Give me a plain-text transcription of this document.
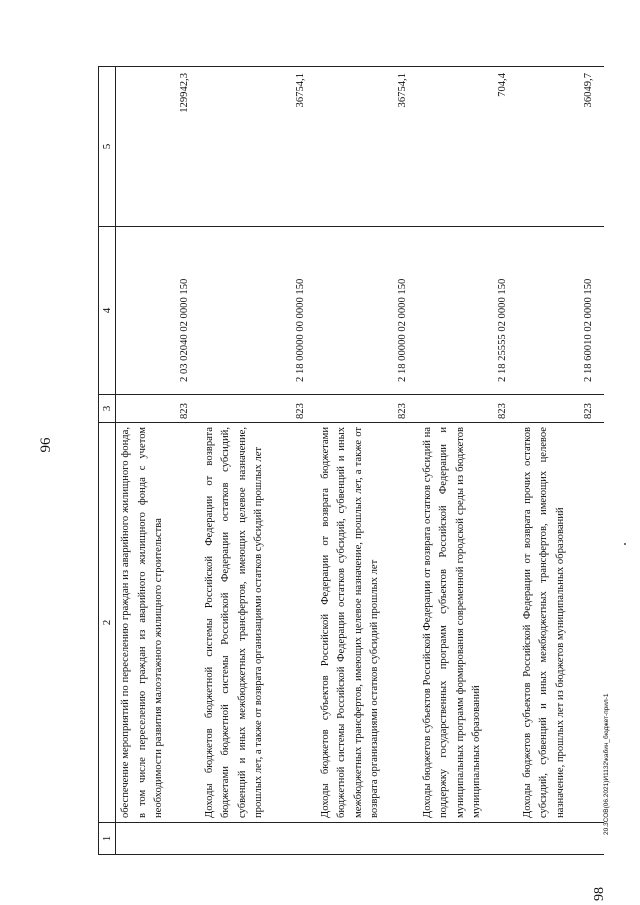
96
1	2	3	4	5
	обеспечение мероприятий по переселению граждан из аварийного жилищного фонда, в том числе переселению граждан из аварийного жилищного фонда с учетом необходимости развития малоэтажного жилищного строительства	823	2 03 02040 02 0000 150	129942,3
	Доходы бюджетов бюджетной системы Российской Федерации от возврата бюджетами бюджетной системы Российской Федерации остатков субсидий, субвенций и иных межбюджетных трансфертов, имеющих целевое назначение, прошлых лет, а также от возврата организациями остатков субсидий прошлых лет	823	2 18 00000 00 0000 150	36754,1
	Доходы бюджетов субъектов Российской Федерации от возврата бюджетами бюджетной системы Российской Федерации остатков субсидий, субвенций и иных межбюджетных трансфертов, имеющих целевое назначение, прошлых лет, а также от возврата организациями остатков субсидий прошлых лет	823	2 18 00000 02 0000 150	36754,1
	Доходы бюджетов субъектов Российской Федерации от возврата остатков субсидий на поддержку государственных программ субъектов Российской Федерации и муниципальных программ формирования современной городской среды из бюджетов муниципальных образований	823	2 18 25555 02 0000 150	704,4
	Доходы бюджетов субъектов Российской Федерации от возврата прочих остатков субсидий, субвенций и иных межбюджетных трансфертов, имеющих целевое назначение, прошлых лет из бюджетов муниципальных образований	823	2 18 60010 02 0000 150	36049,7
98
20.3СОВ(06.2021)И1132\кабин_бюджет-прил-1
